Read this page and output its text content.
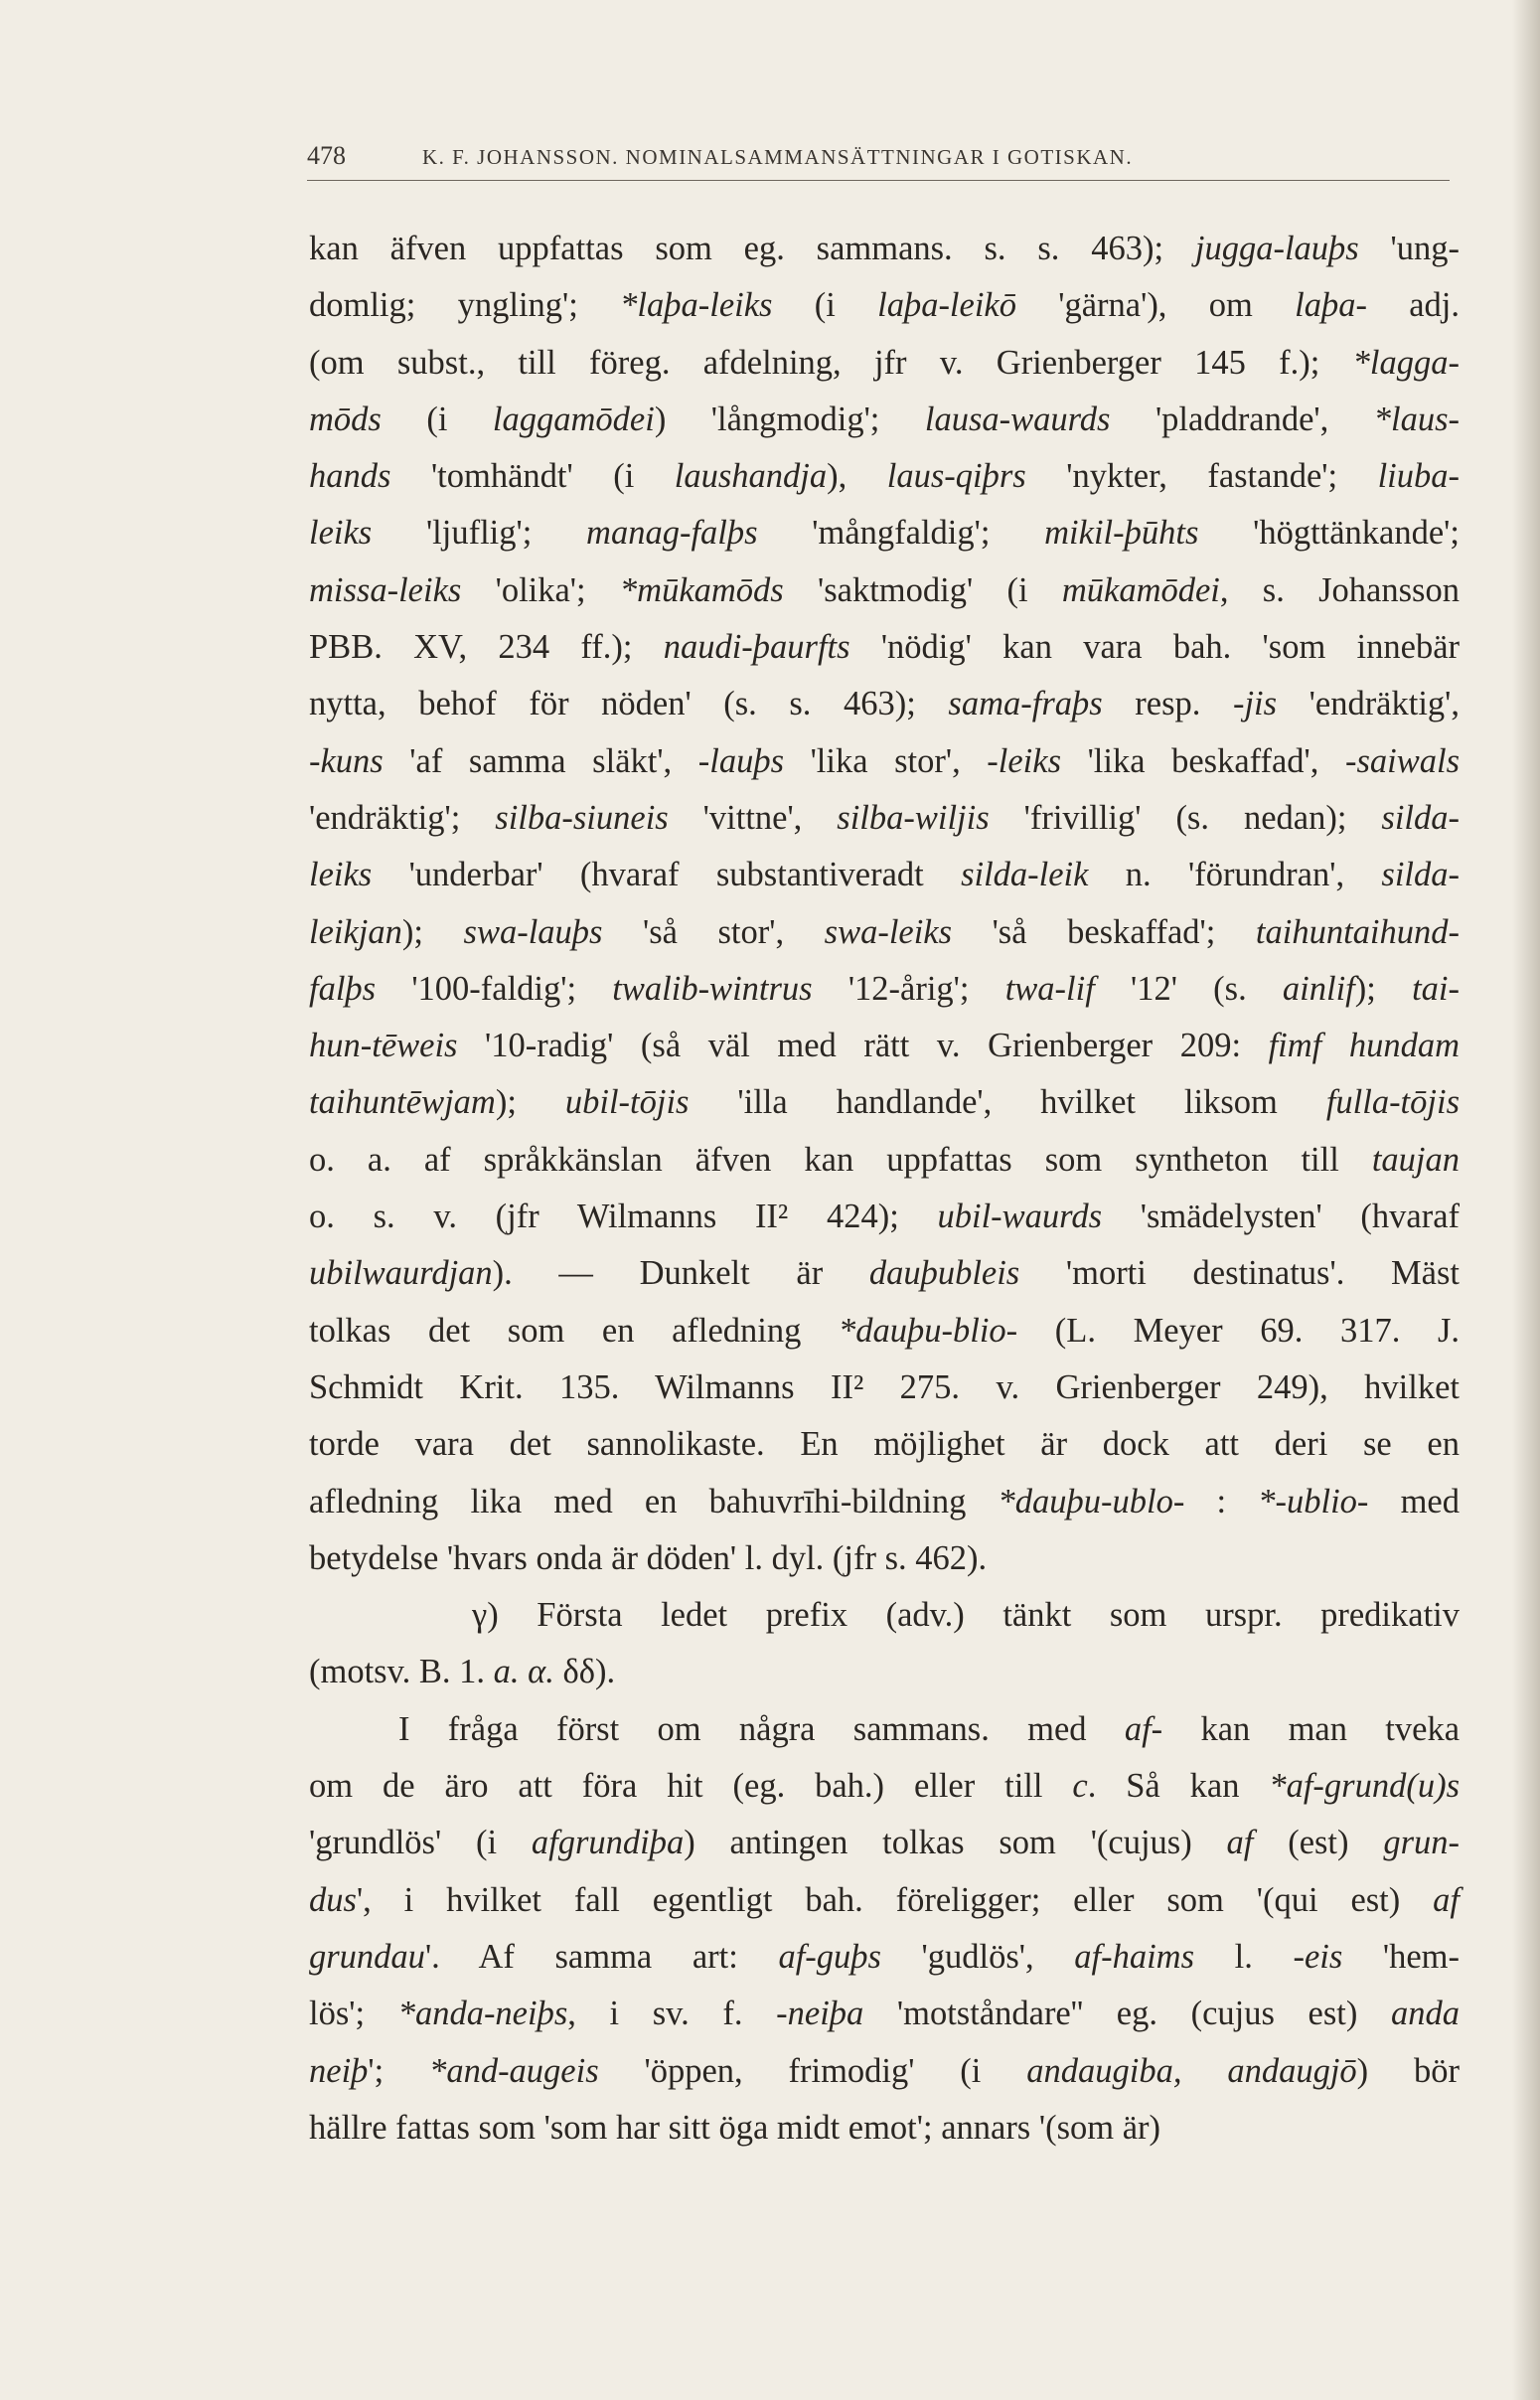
478	K. F. JOHANSSON. NOMINALSAMMANSÄTTNINGAR I GOTISKAN.
kan äfven uppfattas som eg. sammans. s. s. 463); jugga-lauþs 'ung-
domlig; yngling'; *laþa-leiks (i laþa-leikō 'gärna'), om laþa- adj.
(om subst., till föreg. afdelning, jfr v. Grienberger 145 f.); *lagga-
mōds (i laggamōdei) 'långmodig'; lausa-waurds 'pladdrande', *laus-
hands 'tomhändt' (i laushandja), laus-qiþrs 'nykter, fastande'; liuba-
leiks 'ljuflig'; manag-falþs 'mångfaldig'; mikil-þūhts 'högttänkande';
missa-leiks 'olika'; *mūkamōds 'saktmodig' (i mūkamōdei, s. Johansson
PBB. XV, 234 ff.); naudi-þaurfts 'nödig' kan vara bah. 'som innebär
nytta, behof för nöden' (s. s. 463); sama-fraþs resp. -jis 'endräktig',
-kuns 'af samma släkt', -lauþs 'lika stor', -leiks 'lika beskaffad', -saiwals
'endräktig'; silba-siuneis 'vittne', silba-wiljis 'frivillig' (s. nedan); silda-
leiks 'underbar' (hvaraf substantiveradt silda-leik n. 'förundran', silda-
leikjan); swa-lauþs 'så stor', swa-leiks 'så beskaffad'; taihuntaihund-
falþs '100-faldig'; twalib-wintrus '12-årig'; twa-lif '12' (s. ainlif); tai-
hun-tēweis '10-radig' (så väl med rätt v. Grienberger 209: fimf hundam
taihuntēwjam); ubil-tōjis 'illa handlande', hvilket liksom fulla-tōjis
o. a. af språkkänslan äfven kan uppfattas som syntheton till taujan
o. s. v. (jfr Wilmanns II² 424); ubil-waurds 'smädelysten' (hvaraf
ubilwaurdjan). — Dunkelt är dauþubleis 'morti destinatus'. Mäst
tolkas det som en afledning *dauþu-blio- (L. Meyer 69. 317. J.
Schmidt Krit. 135. Wilmanns II² 275. v. Grienberger 249), hvilket
torde vara det sannolikaste. En möjlighet är dock att deri se en
afledning lika med en bahuvrīhi-bildning *dauþu-ublo- : *-ublio- med
betydelse 'hvars onda är döden' l. dyl. (jfr s. 462).
γ) Första ledet prefix (adv.) tänkt som urspr. predikativ
(motsv. B. 1. a. α. δδ).
I fråga först om några sammans. med af- kan man tveka
om de äro att föra hit (eg. bah.) eller till c. Så kan *af-grund(u)s
'grundlös' (i afgrundiþa) antingen tolkas som '(cujus) af (est) grun-
dus', i hvilket fall egentligt bah. föreligger; eller som '(qui est) af
grundau'. Af samma art: af-guþs 'gudlös', af-haims l. -eis 'hem-
lös'; *anda-neiþs, i sv. f. -neiþa 'motståndare'' eg. (cujus est) anda
neiþ'; *and-augeis 'öppen, frimodig' (i andaugiba, andaugjō) bör
hällre fattas som 'som har sitt öga midt emot'; annars '(som är)
